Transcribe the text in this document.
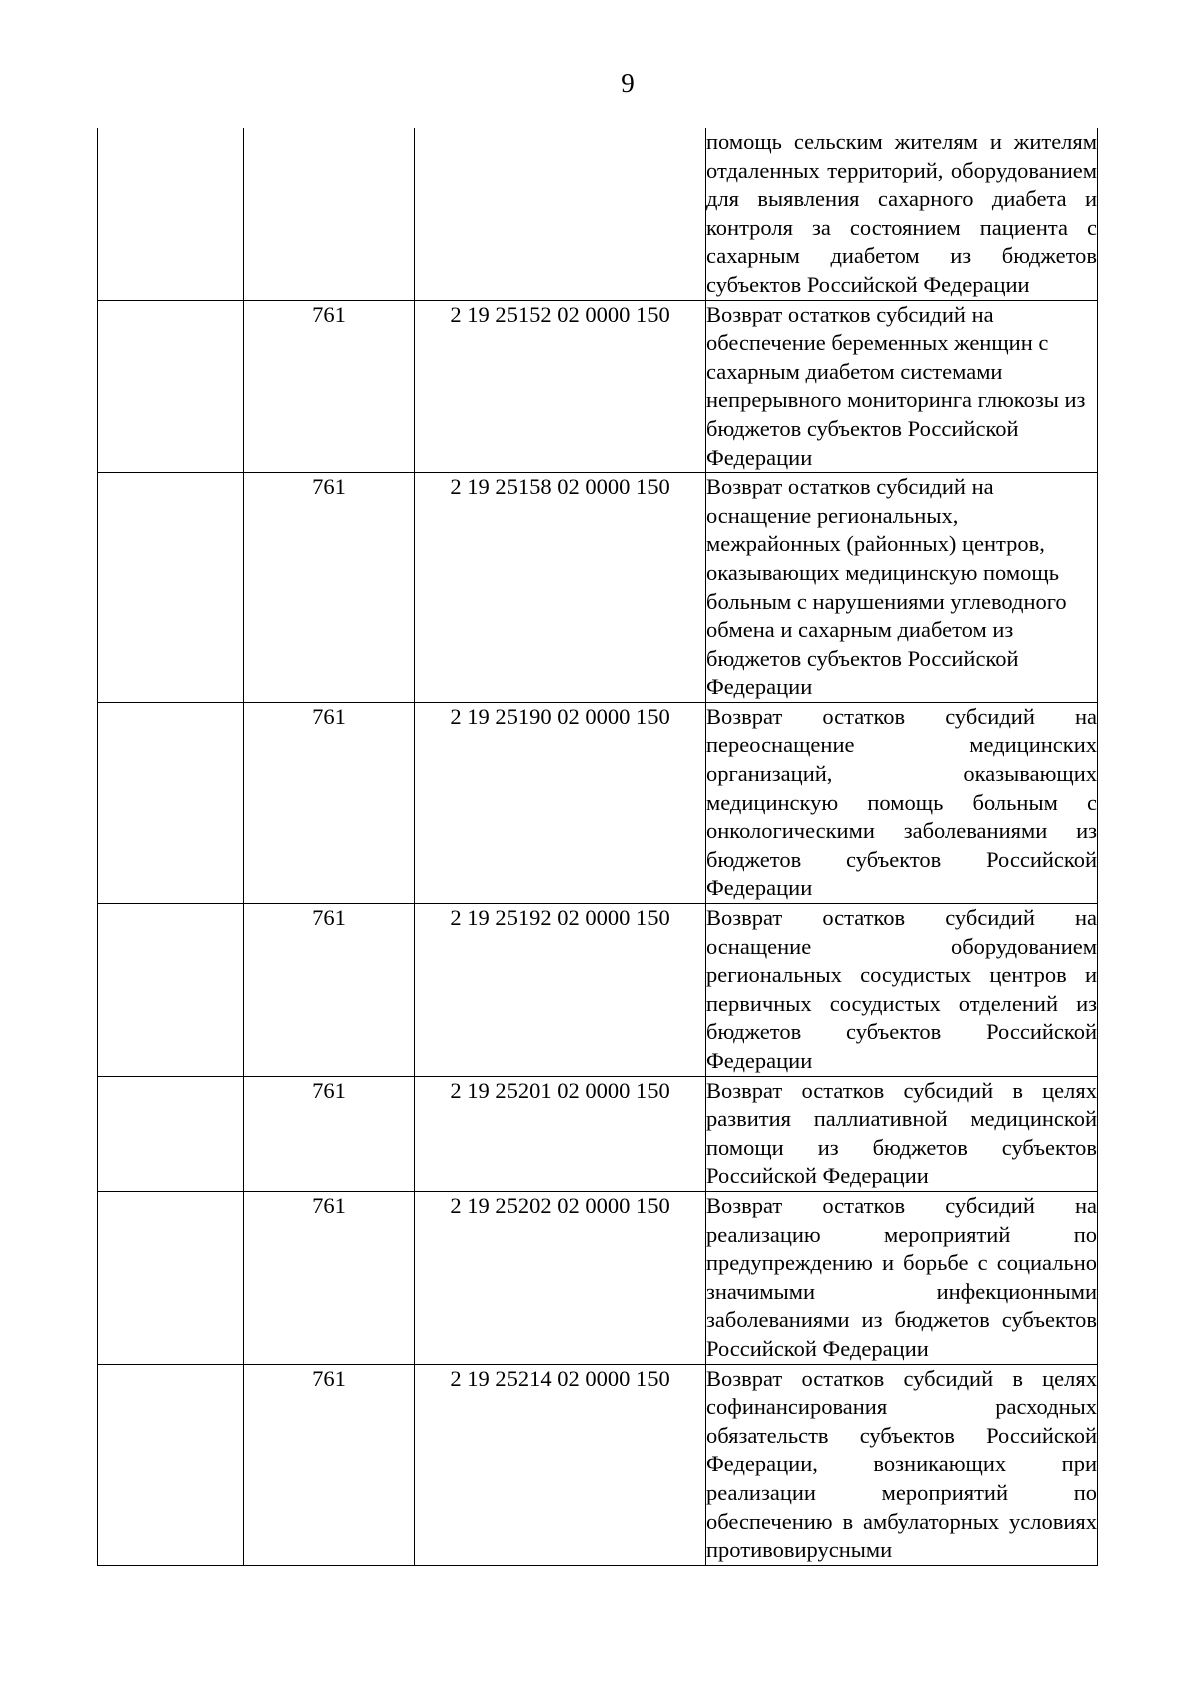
9

			помощь сельским жителям и жителям отдаленных территорий, оборудованием для выявления сахарного диабета и контроля за состоянием пациента с сахарным диабетом из бюджетов субъектов Российской Федерации

	761	2 19 25152 02 0000 150	Возврат остатков субсидий на обеспечение беременных женщин с сахарным диабетом системами непрерывного мониторинга глюкозы из бюджетов субъектов Российской Федерации

	761	2 19 25158 02 0000 150	Возврат остатков субсидий на оснащение региональных, межрайонных (районных) центров, оказывающих медицинскую помощь больным с нарушениями углеводного обмена и сахарным диабетом из бюджетов субъектов Российской Федерации

	761	2 19 25190 02 0000 150	Возврат остатков субсидий на переоснащение медицинских организаций, оказывающих медицинскую помощь больным с онкологическими заболеваниями из бюджетов субъектов Российской Федерации

	761	2 19 25192 02 0000 150	Возврат остатков субсидий на оснащение оборудованием региональных сосудистых центров и первичных сосудистых отделений из бюджетов субъектов Российской Федерации

	761	2 19 25201 02 0000 150	Возврат остатков субсидий в целях развития паллиативной медицинской помощи из бюджетов субъектов Российской Федерации

	761	2 19 25202 02 0000 150	Возврат остатков субсидий на реализацию мероприятий по предупреждению и борьбе с социально значимыми инфекционными заболеваниями из бюджетов субъектов Российской Федерации

	761	2 19 25214 02 0000 150	Возврат остатков субсидий в целях софинансирования расходных обязательств субъектов Российской Федерации, возникающих при реализации мероприятий по обеспечению в амбулаторных условиях противовирусными
